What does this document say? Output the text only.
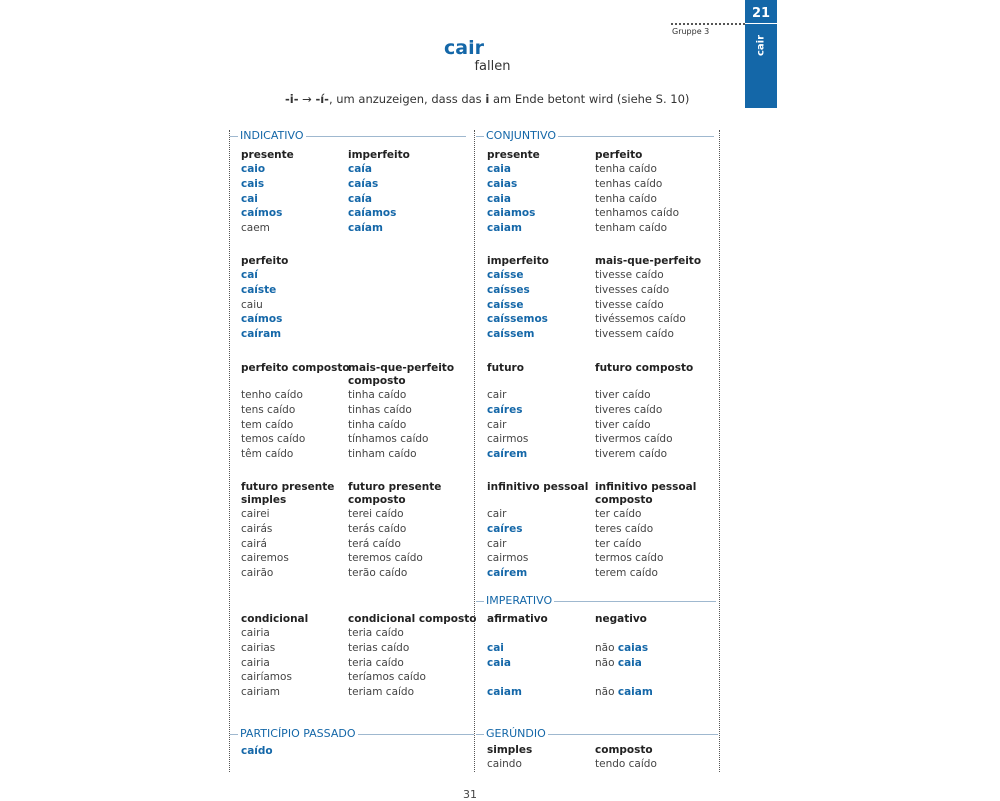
21
cair
Gruppe 3
cair
fallen
-i- → -í-, um anzuzeigen, dass das i am Ende betont wird (siehe S. 10)
INDICATIVO	CONJUNTIVO
IMPERATIVO
PARTICÍPIO PASSADO	GERÚNDIO
presente
caio
cais
cai
caímos
caem
imperfeito
caía
caías
caía
caíamos
caíam
perfeito
caí
caíste
caiu
caímos
caíram
perfeito composto
tenho caído
tens caído
tem caído
temos caído
têm caído
mais-que-perfeito
composto
tinha caído
tinhas caído
tinha caído
tínhamos caído
tinham caído
futuro presente
simples
cairei
cairás
cairá
cairemos
cairão
futuro presente
composto
terei caído
terás caído
terá caído
teremos caído
terão caído
condicional
cairia
cairias
cairia
cairíamos
cairiam
condicional composto
teria caído
terias caído
teria caído
teríamos caído
teriam caído
caído
presente
caia
caias
caia
caiamos
caiam
perfeito
tenha caído
tenhas caído
tenha caído
tenhamos caído
tenham caído
imperfeito
caísse
caísses
caísse
caíssemos
caíssem
mais-que-perfeito
tivesse caído
tivesses caído
tivesse caído
tivéssemos caído
tivessem caído
futuro
cair
caíres
cair
cairmos
caírem
futuro composto
tiver caído
tiveres caído
tiver caído
tivermos caído
tiverem caído
infinitivo pessoal
cair
caíres
cair
cairmos
caírem
infinitivo pessoal
composto
ter caído
teres caído
ter caído
termos caído
terem caído
afirmativo
cai
caia
caiam
negativo
não caias
não caia
não caiam
simples
caindo
composto
tendo caído
31
